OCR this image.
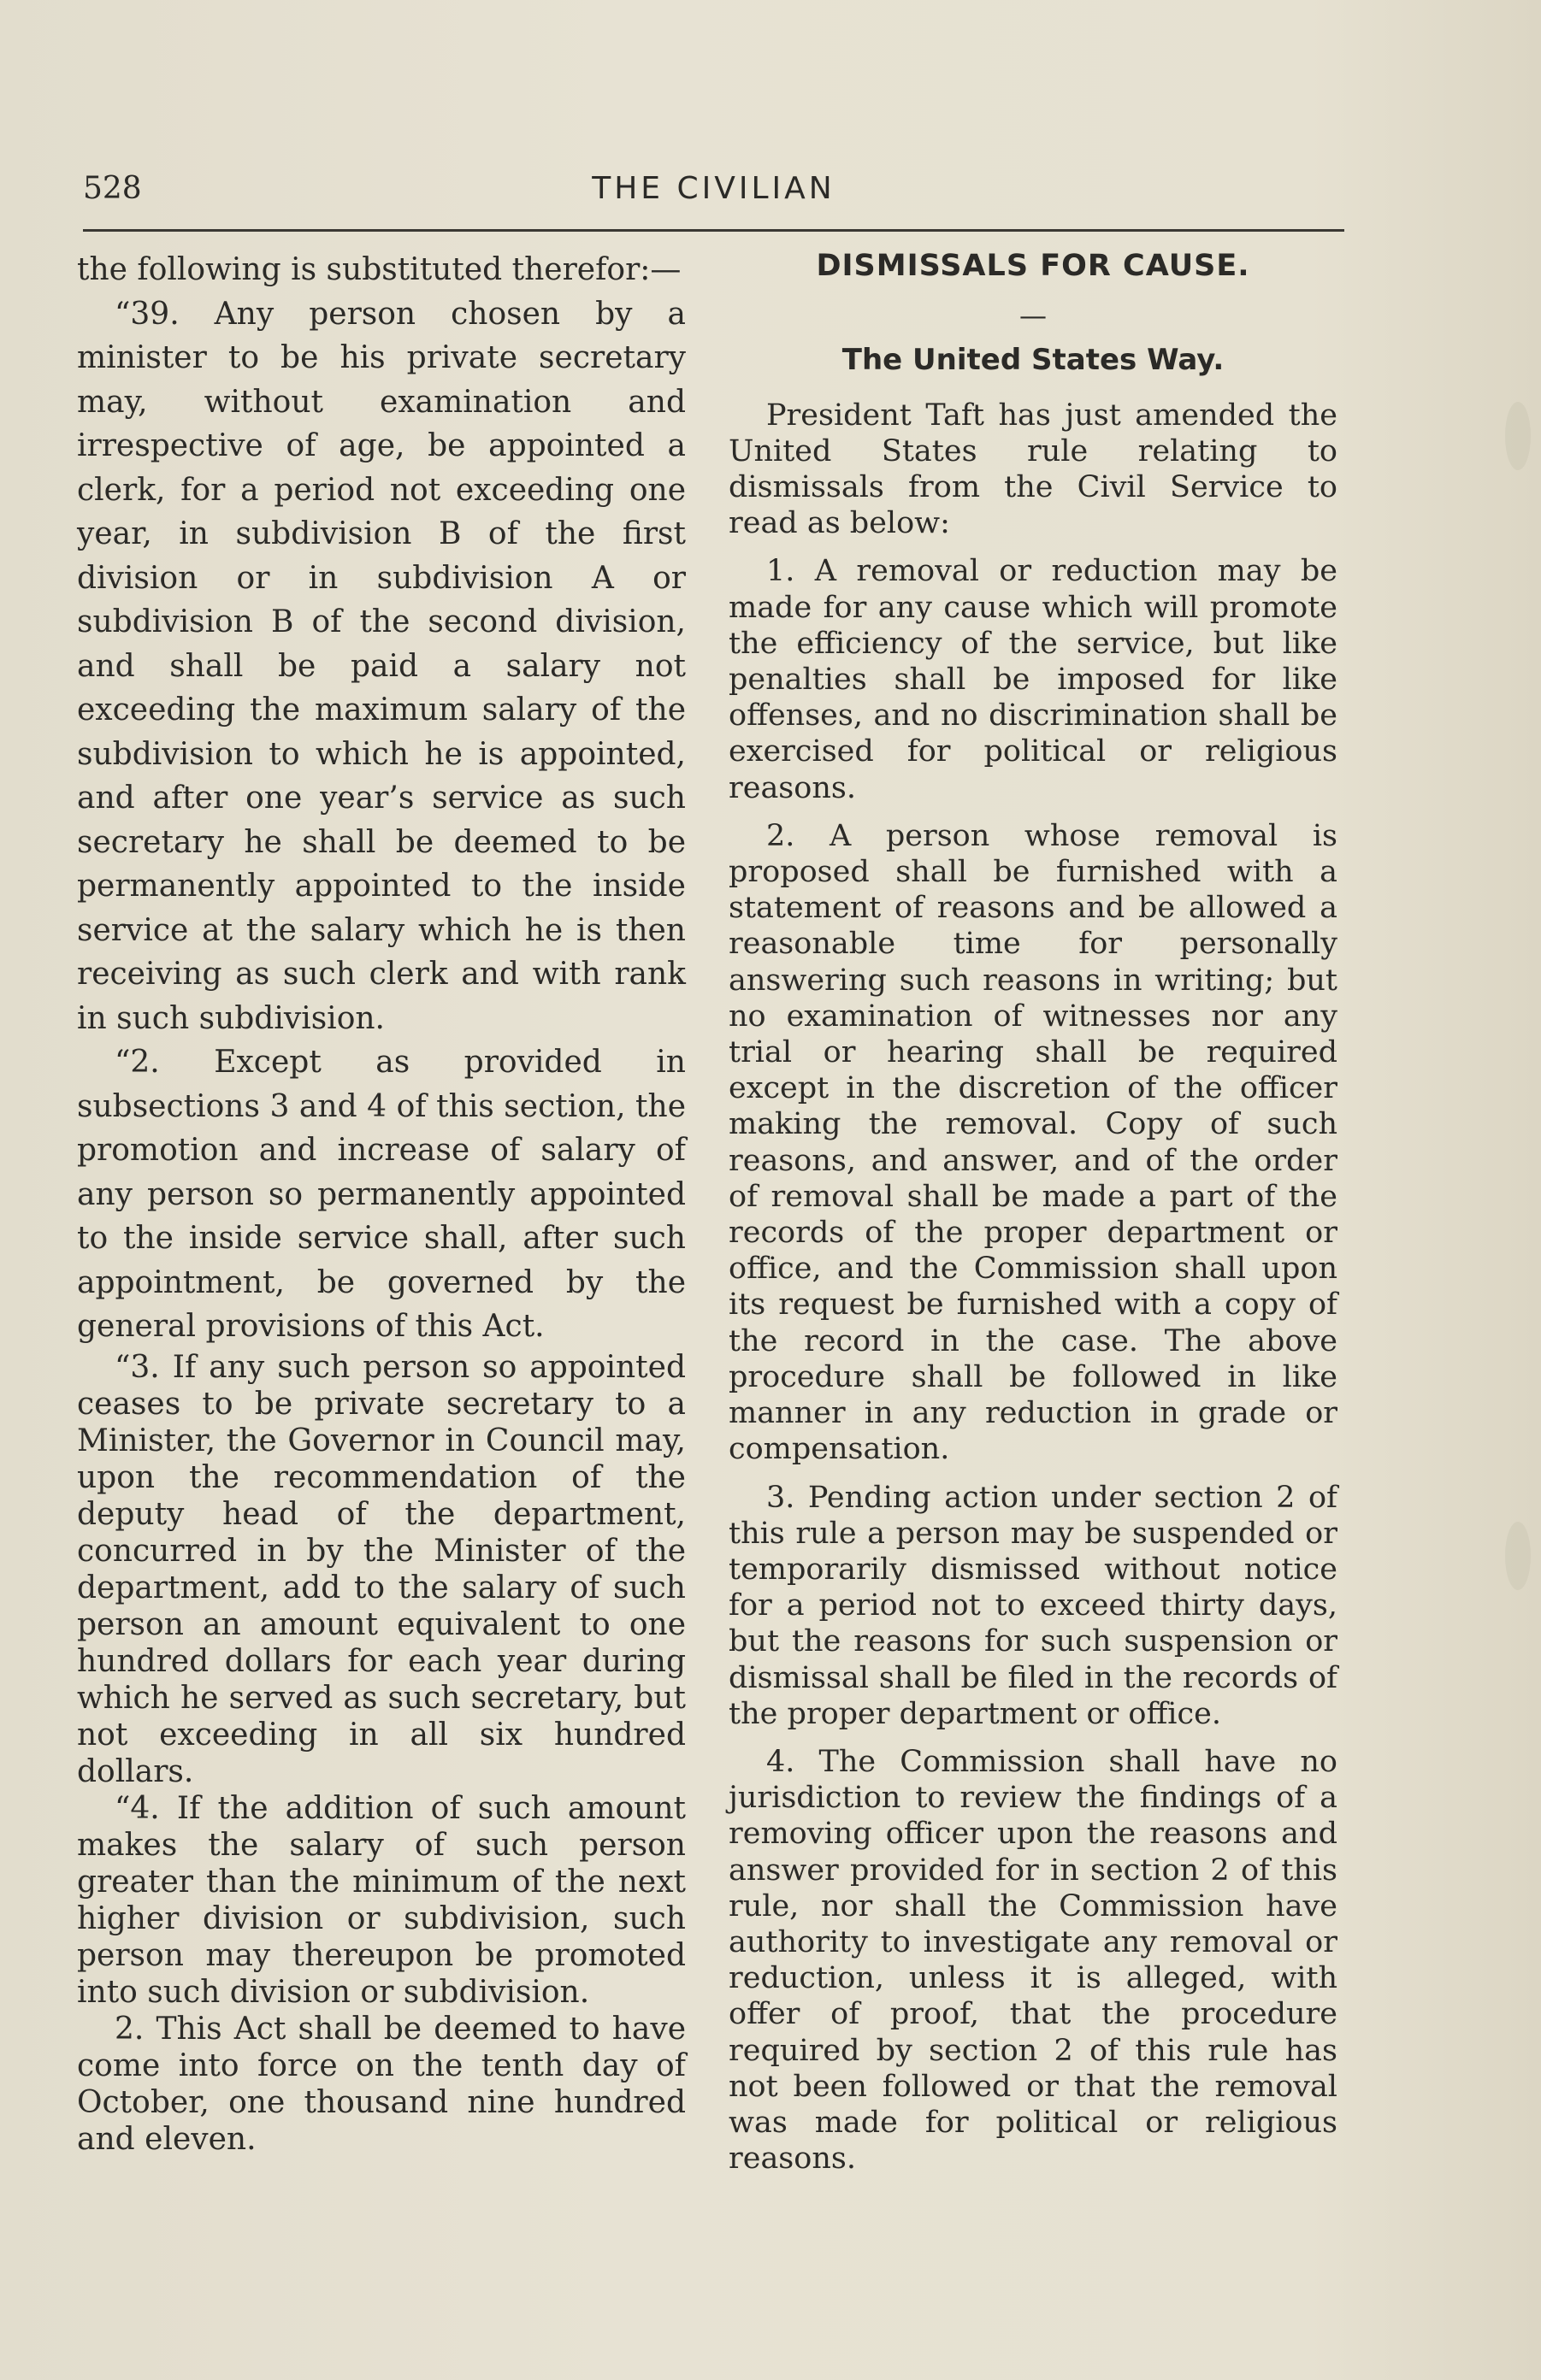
528	THE CIVILIAN

the following is substituted therefor:—

“39. Any person chosen by a minister to be his private secretary may, without examination and irrespective of age, be appointed a clerk, for a period not exceeding one year, in subdivision B of the first division or in subdivision A or subdivision B of the second division, and shall be paid a salary not exceeding the maximum salary of the subdivision to which he is appointed, and after one year’s service as such secretary he shall be deemed to be permanently appointed to the inside service at the salary which he is then receiving as such clerk and with rank in such subdivision.

“2. Except as provided in subsections 3 and 4 of this section, the promotion and increase of salary of any person so permanently appointed to the inside service shall, after such appointment, be governed by the general provisions of this Act.

“3. If any such person so appointed ceases to be private secretary to a Minister, the Governor in Council may, upon the recommendation of the deputy head of the department, concurred in by the Minister of the department, add to the salary of such person an amount equivalent to one hundred dollars for each year during which he served as such secretary, but not exceeding in all six hundred dollars.

“4. If the addition of such amount makes the salary of such person greater than the minimum of the next higher division or subdivision, such person may thereupon be promoted into such division or subdivision.

2. This Act shall be deemed to have come into force on the tenth day of October, one thousand nine hundred and eleven.

DISMISSALS FOR CAUSE.
—
The United States Way.

President Taft has just amended the United States rule relating to dismissals from the Civil Service to read as below:

1. A removal or reduction may be made for any cause which will promote the efficiency of the service, but like penalties shall be imposed for like offenses, and no discrimination shall be exercised for political or religious reasons.

2. A person whose removal is proposed shall be furnished with a statement of reasons and be allowed a reasonable time for personally answering such reasons in writing; but no examination of witnesses nor any trial or hearing shall be required except in the discretion of the officer making the removal. Copy of such reasons, and answer, and of the order of removal shall be made a part of the records of the proper department or office, and the Commission shall upon its request be furnished with a copy of the record in the case. The above procedure shall be followed in like manner in any reduction in grade or compensation.

3. Pending action under section 2 of this rule a person may be suspended or temporarily dismissed without notice for a period not to exceed thirty days, but the reasons for such suspension or dismissal shall be filed in the records of the proper department or office.

4. The Commission shall have no jurisdiction to review the findings of a removing officer upon the reasons and answer provided for in section 2 of this rule, nor shall the Commission have authority to investigate any removal or reduction, unless it is alleged, with offer of proof, that the procedure required by section 2 of this rule has not been followed or that the removal was made for political or religious reasons.
